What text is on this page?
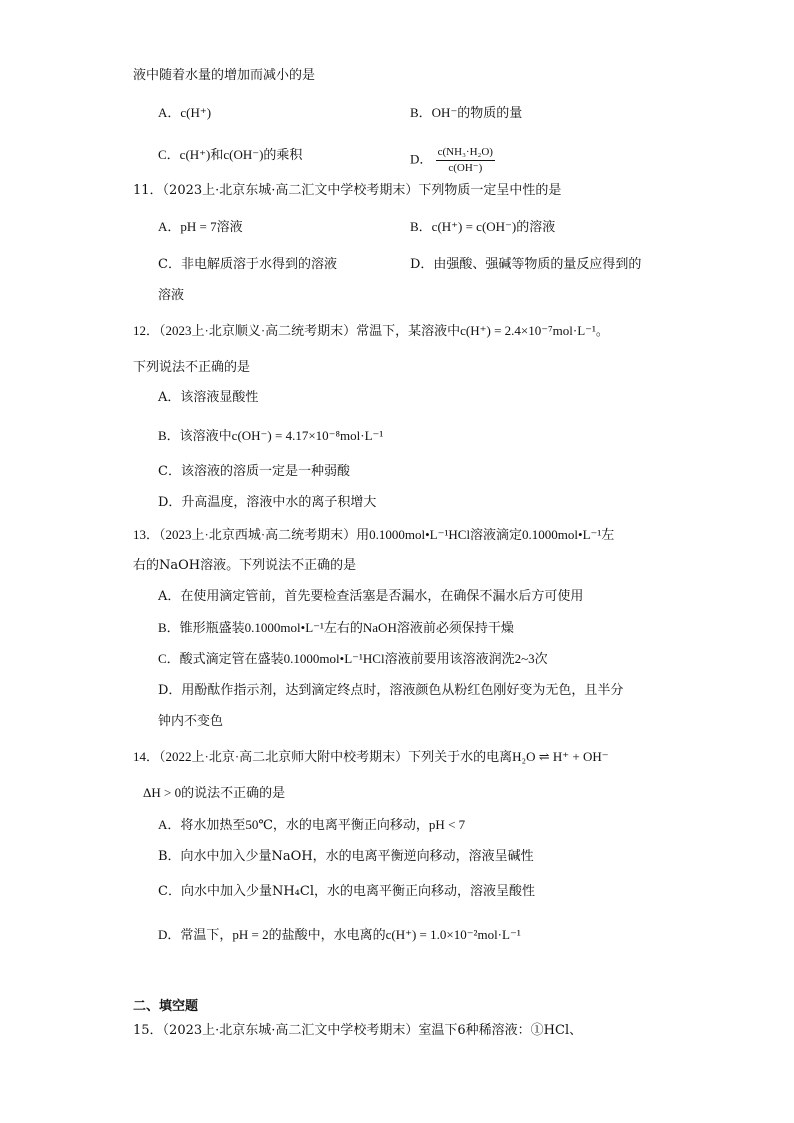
液中随着水量的增加而减小的是
A．c(H⁺)	B．OH⁻的物质的量
C．c(H⁺)和c(OH⁻)的乘积	D． $\frac{\text{c(NH₃·H₂O)}}{c(OH^-)}$
11．（2023上·北京东城·高二汇文中学校考期末）下列物质一定呈中性的是
A．pH = 7溶液	B．c(H⁺) = c(OH⁻)的溶液
C．非电解质溶于水得到的溶液	D．由强酸、强碱等物质的量反应得到的
溶液
12．（2023上·北京顺义·高二统考期末）常温下，某溶液中c(H⁺) = 2.4×10⁻⁷mol·L⁻¹。
下列说法不正确的是
A．该溶液显酸性
B．该溶液中c(OH⁻) = 4.17×10⁻⁸mol·L⁻¹
C．该溶液的溶质一定是一种弱酸
D．升高温度，溶液中水的离子积增大
13．（2023上·北京西城·高二统考期末）用0.1000mol•L⁻¹HCl溶液滴定0.1000mol•L⁻¹左
右的NaOH溶液。下列说法不正确的是
A．在使用滴定管前，首先要检查活塞是否漏水，在确保不漏水后方可使用
B．锥形瓶盛装0.1000mol•L⁻¹左右的NaOH溶液前必须保持干燥
C．酸式滴定管在盛装0.1000mol•L⁻¹HCl溶液前要用该溶液润洗2~3次
D．用酚酞作指示剂，达到滴定终点时，溶液颜色从粉红色刚好变为无色，且半分
钟内不变色
14．（2022上·北京·高二北京师大附中校考期末）下列关于水的电离H₂O ⇌ H⁺ + OH⁻
ΔH > 0的说法不正确的是
A．将水加热至50℃，水的电离平衡正向移动，pH < 7
B．向水中加入少量NaOH，水的电离平衡逆向移动，溶液呈碱性
C．向水中加入少量NH₄Cl，水的电离平衡正向移动，溶液呈酸性
D．常温下，pH = 2的盐酸中，水电离的c(H⁺) = 1.0×10⁻²mol·L⁻¹
二、填空题
15．（2023上·北京东城·高二汇文中学校考期末）室温下6种稀溶液：①HCl、
